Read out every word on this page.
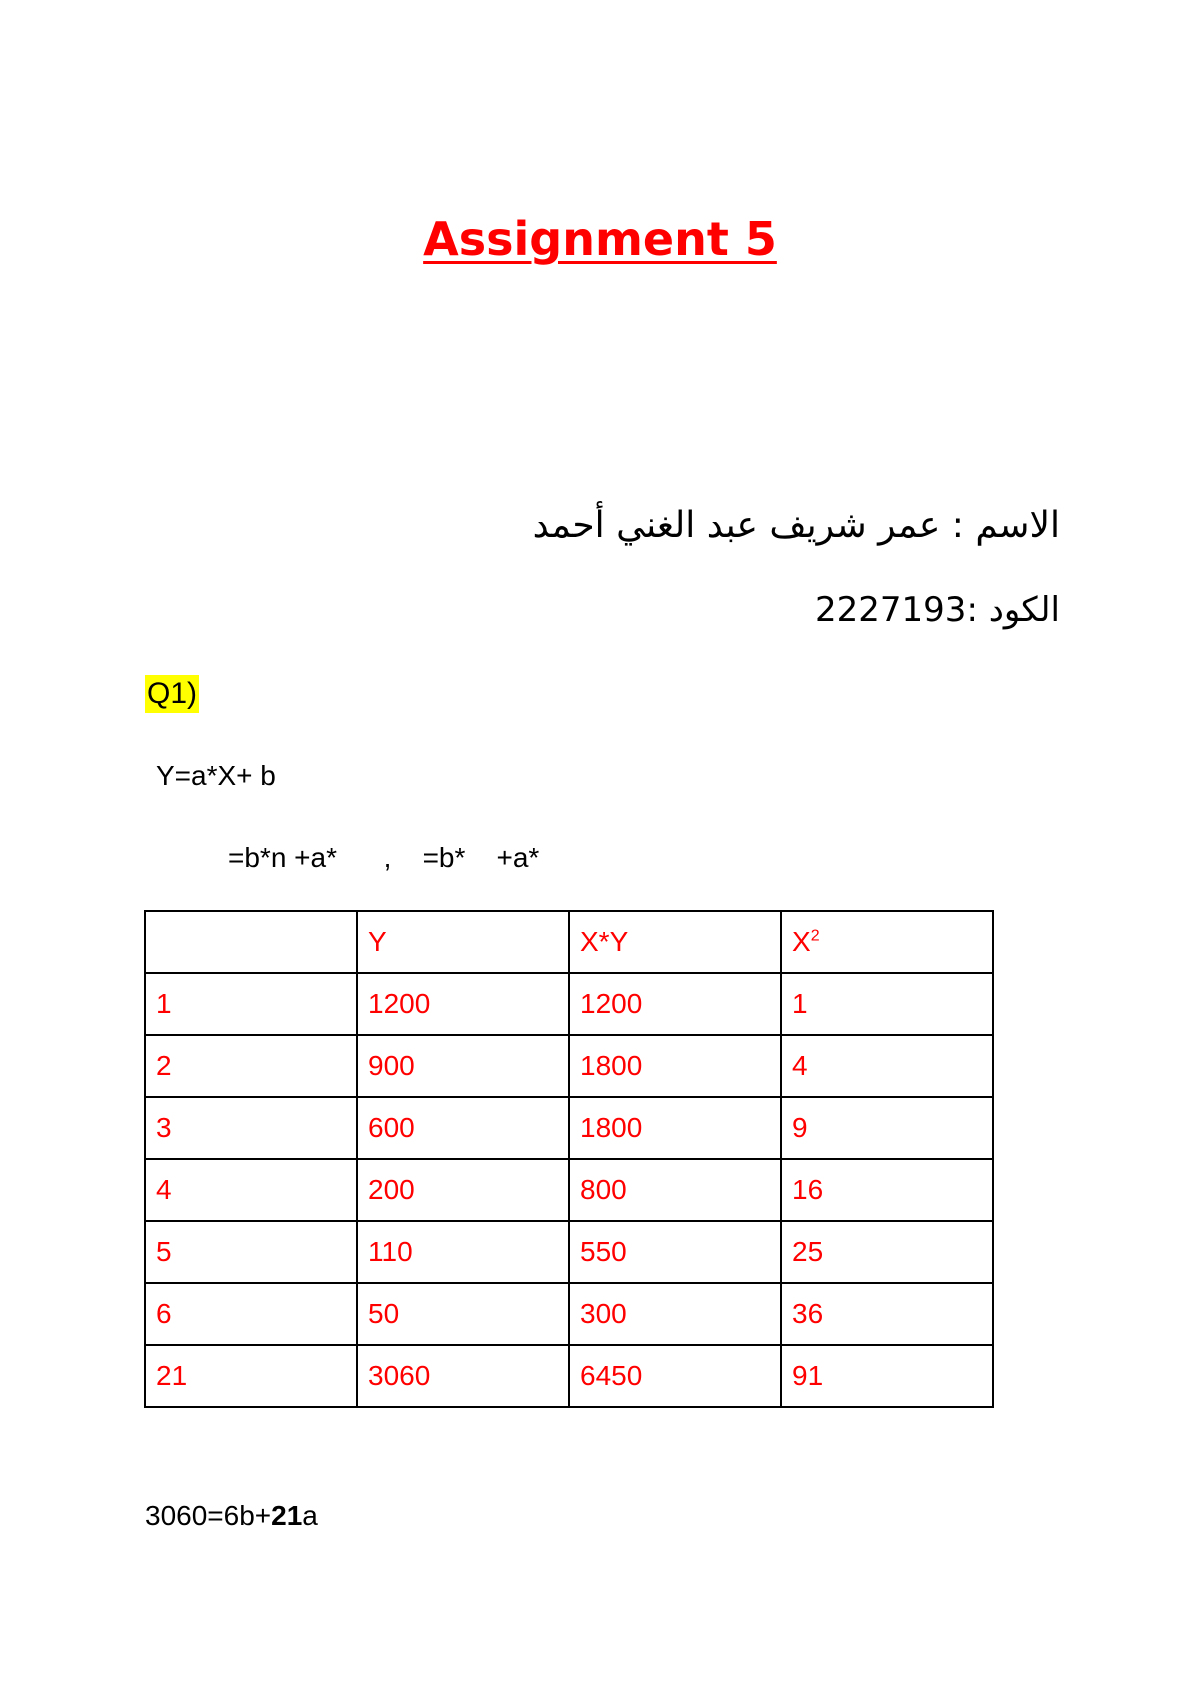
Assignment 5
الاسم : عمر شريف عبد الغني أحمد
الكود :2227193
Q1)
Y=a*X+ b
=b*n +a*      ,    =b*    +a*
	Y	X*Y	$X^2$
1	1200	1200	1
2	900	1800	4
3	600	1800	9
4	200	800	16
5	110	550	25
6	50	300	36
21	3060	6450	91
3060=6b+21a
